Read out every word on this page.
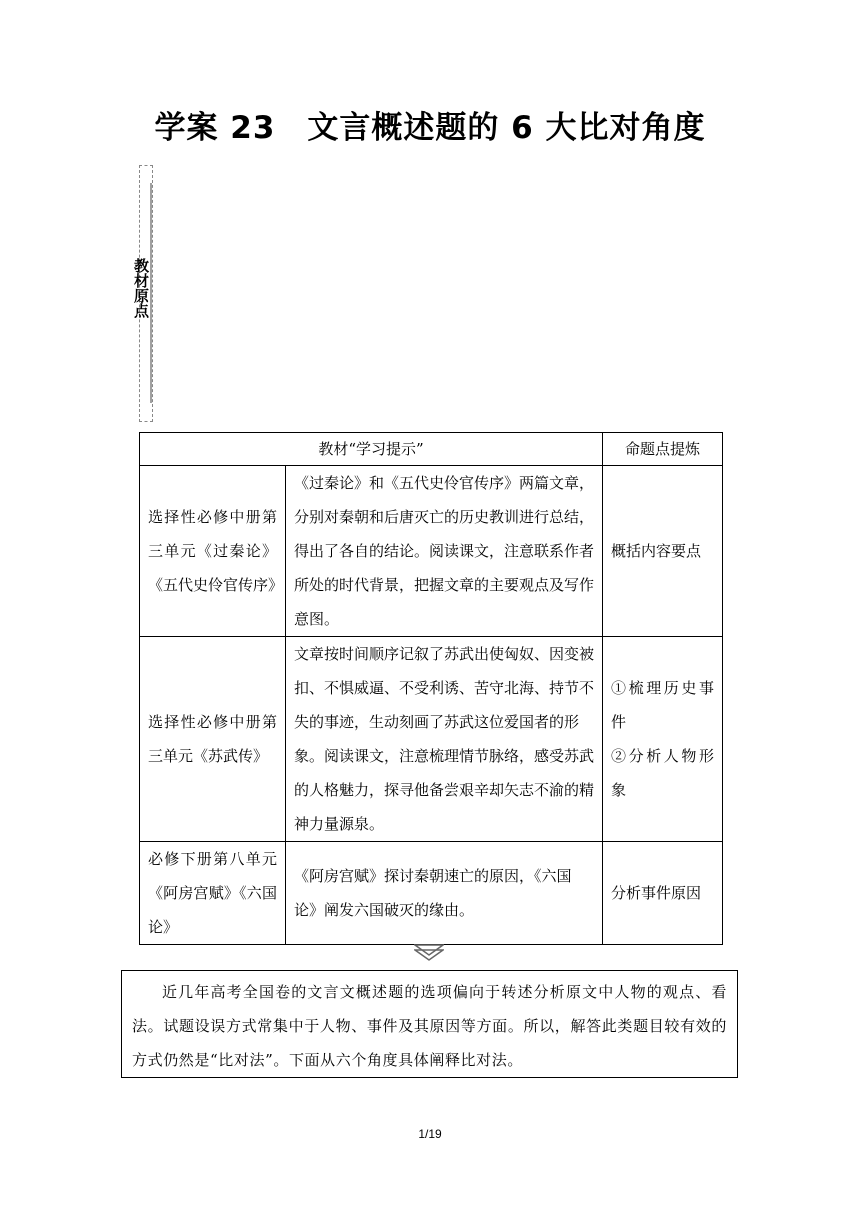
学案 23　文言概述题的 6 大比对角度
教材原点
教材“学习提示”		命题点提炼
选择性必修中册第三单元《过秦论》《五代史伶官传序》	《过秦论》和《五代史伶官传序》两篇文章，分别对秦朝和后唐灭亡的历史教训进行总结，得出了各自的结论。阅读课文，注意联系作者所处的时代背景，把握文章的主要观点及写作意图。	概括内容要点

选择性必修中册第三单元《苏武传》	文章按时间顺序记叙了苏武出使匈奴、因变被扣、不惧威逼、不受利诱、苦守北海、持节不失的事迹，生动刻画了苏武这位爱国者的形象。阅读课文，注意梳理情节脉络，感受苏武的人格魅力，探寻他备尝艰辛却矢志不渝的精神力量源泉。	①梳理历史事件
②分析人物形象

必修下册第八单元《阿房宫赋》《六国论》	《阿房宫赋》探讨秦朝速亡的原因，《六国论》阐发六国破灭的缘由。	分析事件原因
近几年高考全国卷的文言文概述题的选项偏向于转述分析原文中人物的观点、看法。试题设误方式常集中于人物、事件及其原因等方面。所以，解答此类题目较有效的方式仍然是“比对法”。下面从六个角度具体阐释比对法。
1/19
